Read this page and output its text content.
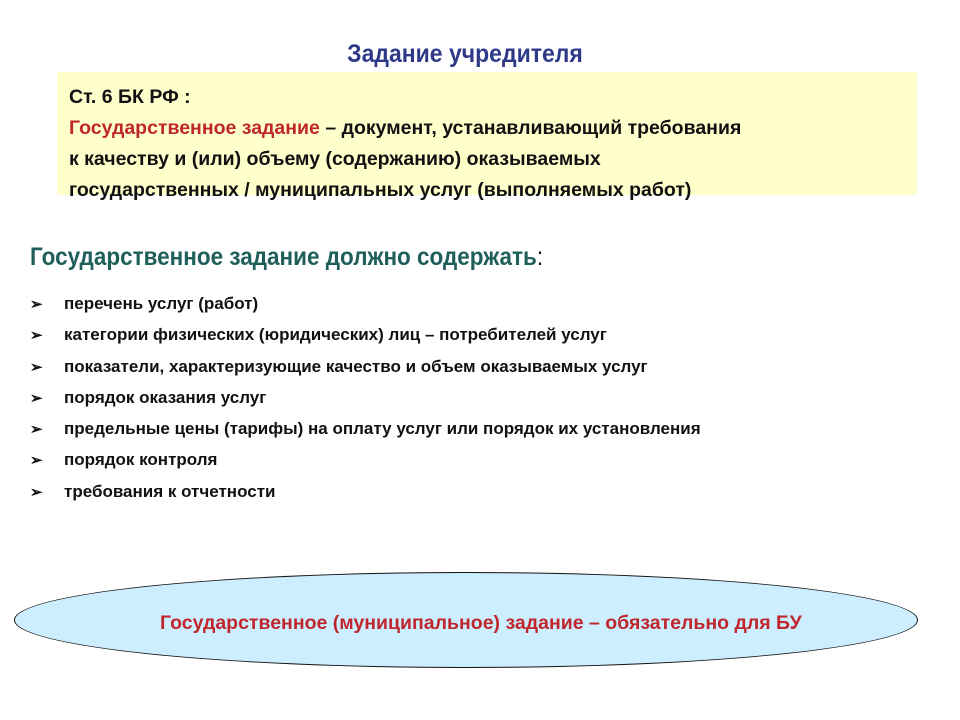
Задание учредителя
Ст. 6 БК РФ :
Государственное задание – документ, устанавливающий требования
к качеству и (или) объему (содержанию) оказываемых
государственных / муниципальных услуг (выполняемых работ)
Государственное задание должно содержать:
➢ перечень услуг (работ)
➢ категории физических (юридических) лиц – потребителей услуг
➢ показатели, характеризующие качество и объем оказываемых услуг
➢ порядок оказания услуг
➢ предельные цены (тарифы) на оплату услуг или порядок их установления
➢ порядок контроля
➢ требования к отчетности
Государственное (муниципальное) задание – обязательно для БУ
